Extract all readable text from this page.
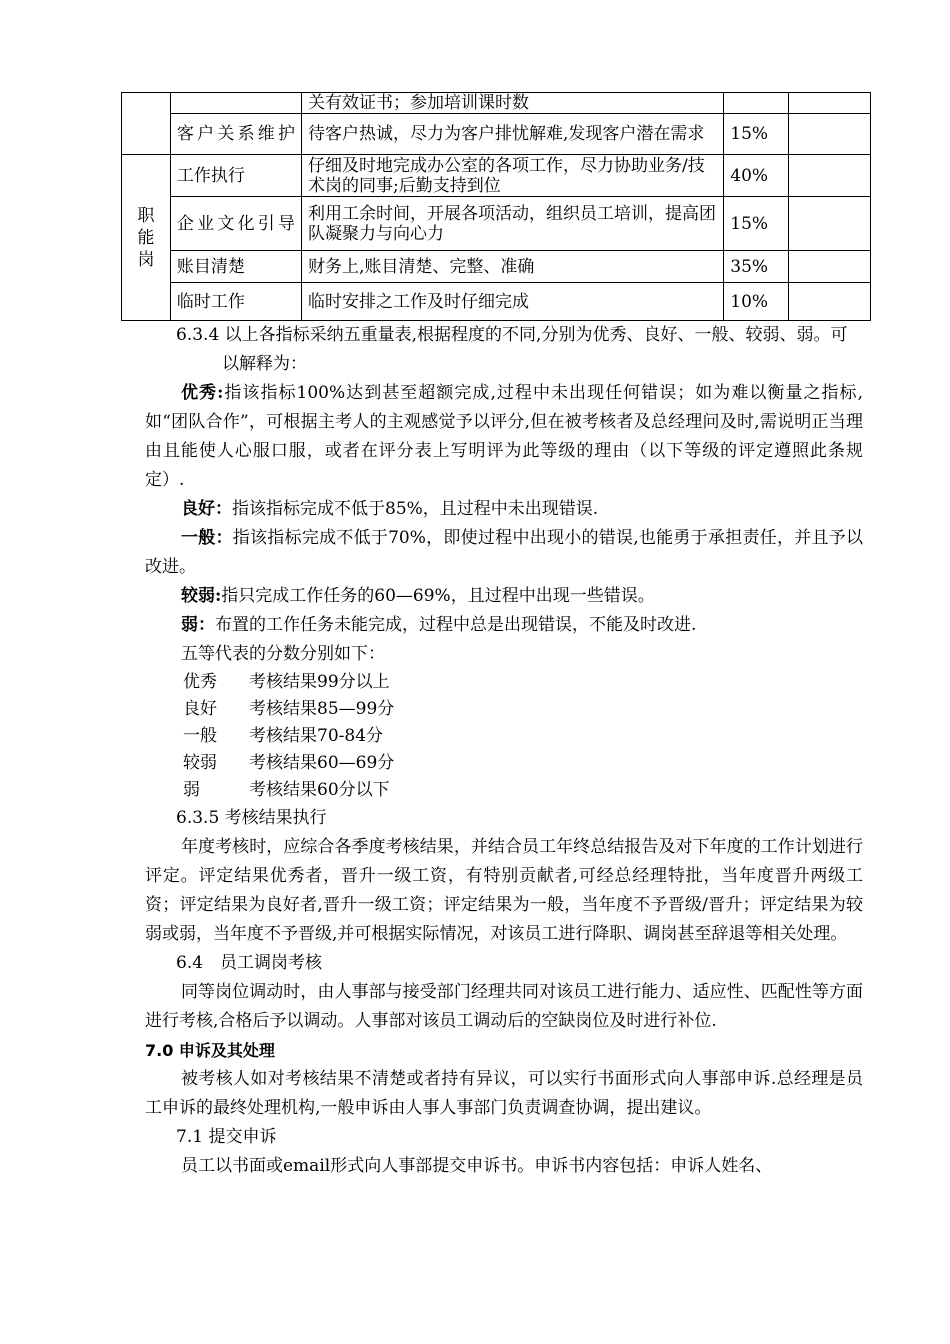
		关有效证书；参加培训课时数		
	客户关系维护	待客户热诚，尽力为客户排忧解难,发现客户潜在需求	15%	
职能岗	工作执行	仔细及时地完成办公室的各项工作，尽力协助业务/技术岗的同事;后勤支持到位	40%	
	企业文化引导	利用工余时间，开展各项活动，组织员工培训，提高团队凝聚力与向心力	15%	
	账目清楚	财务上,账目清楚、完整、准确	35%	
	临时工作	临时安排之工作及时仔细完成	10%	
6.3.4 以上各指标采纳五重量表,根据程度的不同,分别为优秀、良好、一般、较弱、弱。可以解释为：
优秀:指该指标100%达到甚至超额完成,过程中未出现任何错误；如为难以衡量之指标,如“团队合作”，可根据主考人的主观感觉予以评分,但在被考核者及总经理问及时,需说明正当理由且能使人心服口服，或者在评分表上写明评为此等级的理由（以下等级的评定遵照此条规定）.
良好：指该指标完成不低于85%，且过程中未出现错误.
一般：指该指标完成不低于70%，即使过程中出现小的错误,也能勇于承担责任，并且予以改进。
较弱:指只完成工作任务的60—69%，且过程中出现一些错误。
弱：布置的工作任务未能完成，过程中总是出现错误，不能及时改进.
五等代表的分数分别如下：
优秀 考核结果99分以上
良好 考核结果85—99分
一般 考核结果70-84分
较弱 考核结果60—69分
弱	考核结果60分以下
6.3.5 考核结果执行
年度考核时，应综合各季度考核结果，并结合员工年终总结报告及对下年度的工作计划进行评定。评定结果优秀者，晋升一级工资，有特别贡献者,可经总经理特批，当年度晋升两级工资；评定结果为良好者,晋升一级工资；评定结果为一般，当年度不予晋级/晋升；评定结果为较弱或弱，当年度不予晋级,并可根据实际情况，对该员工进行降职、调岗甚至辞退等相关处理。
6.4　员工调岗考核
同等岗位调动时，由人事部与接受部门经理共同对该员工进行能力、适应性、匹配性等方面进行考核,合格后予以调动。人事部对该员工调动后的空缺岗位及时进行补位.
7.0 申诉及其处理
被考核人如对考核结果不清楚或者持有异议，可以实行书面形式向人事部申诉.总经理是员工申诉的最终处理机构,一般申诉由人事人事部门负责调查协调，提出建议。
7.1 提交申诉
员工以书面或email形式向人事部提交申诉书。申诉书内容包括：申诉人姓名、
